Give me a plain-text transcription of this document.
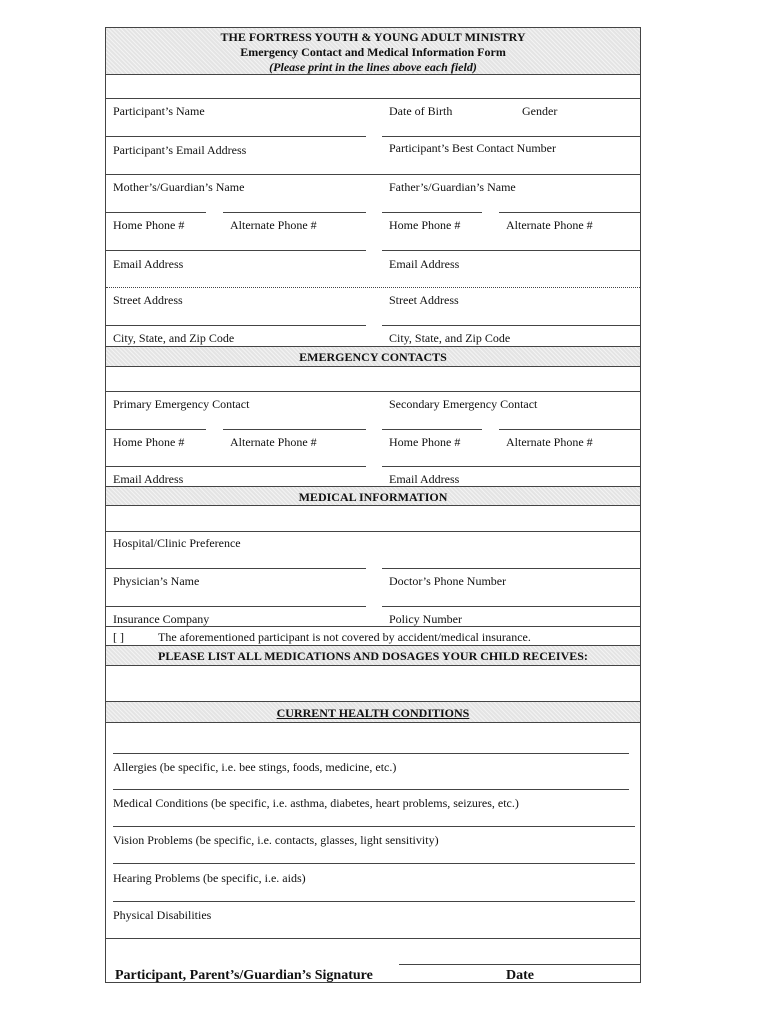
THE FORTRESS YOUTH & YOUNG ADULT MINISTRY
Emergency Contact and Medical Information Form
(Please print in the lines above each field)
Participant’s Name	Date of Birth	Gender
Participant’s Email Address	Participant’s Best Contact Number
Mother’s/Guardian’s Name	Father’s/Guardian’s Name
Home Phone #	Alternate Phone #	Home Phone #	Alternate Phone #
Email Address	Email Address
Street Address	Street Address
City, State, and Zip Code	City, State, and Zip Code
EMERGENCY CONTACTS
Primary Emergency Contact	Secondary Emergency Contact
Home Phone #	Alternate Phone #	Home Phone #	Alternate Phone #
Email Address	Email Address
MEDICAL INFORMATION
Hospital/Clinic Preference
Physician’s Name	Doctor’s Phone Number
Insurance Company	Policy Number
[ ]	The aforementioned participant is not covered by accident/medical insurance.
PLEASE LIST ALL MEDICATIONS AND DOSAGES YOUR CHILD RECEIVES:
CURRENT HEALTH CONDITIONS
Allergies (be specific, i.e. bee stings, foods, medicine, etc.)
Medical Conditions (be specific, i.e. asthma, diabetes, heart problems, seizures, etc.)
Vision Problems (be specific, i.e. contacts, glasses, light sensitivity)
Hearing Problems (be specific, i.e. aids)
Physical Disabilities
Participant, Parent’s/Guardian’s Signature	Date
